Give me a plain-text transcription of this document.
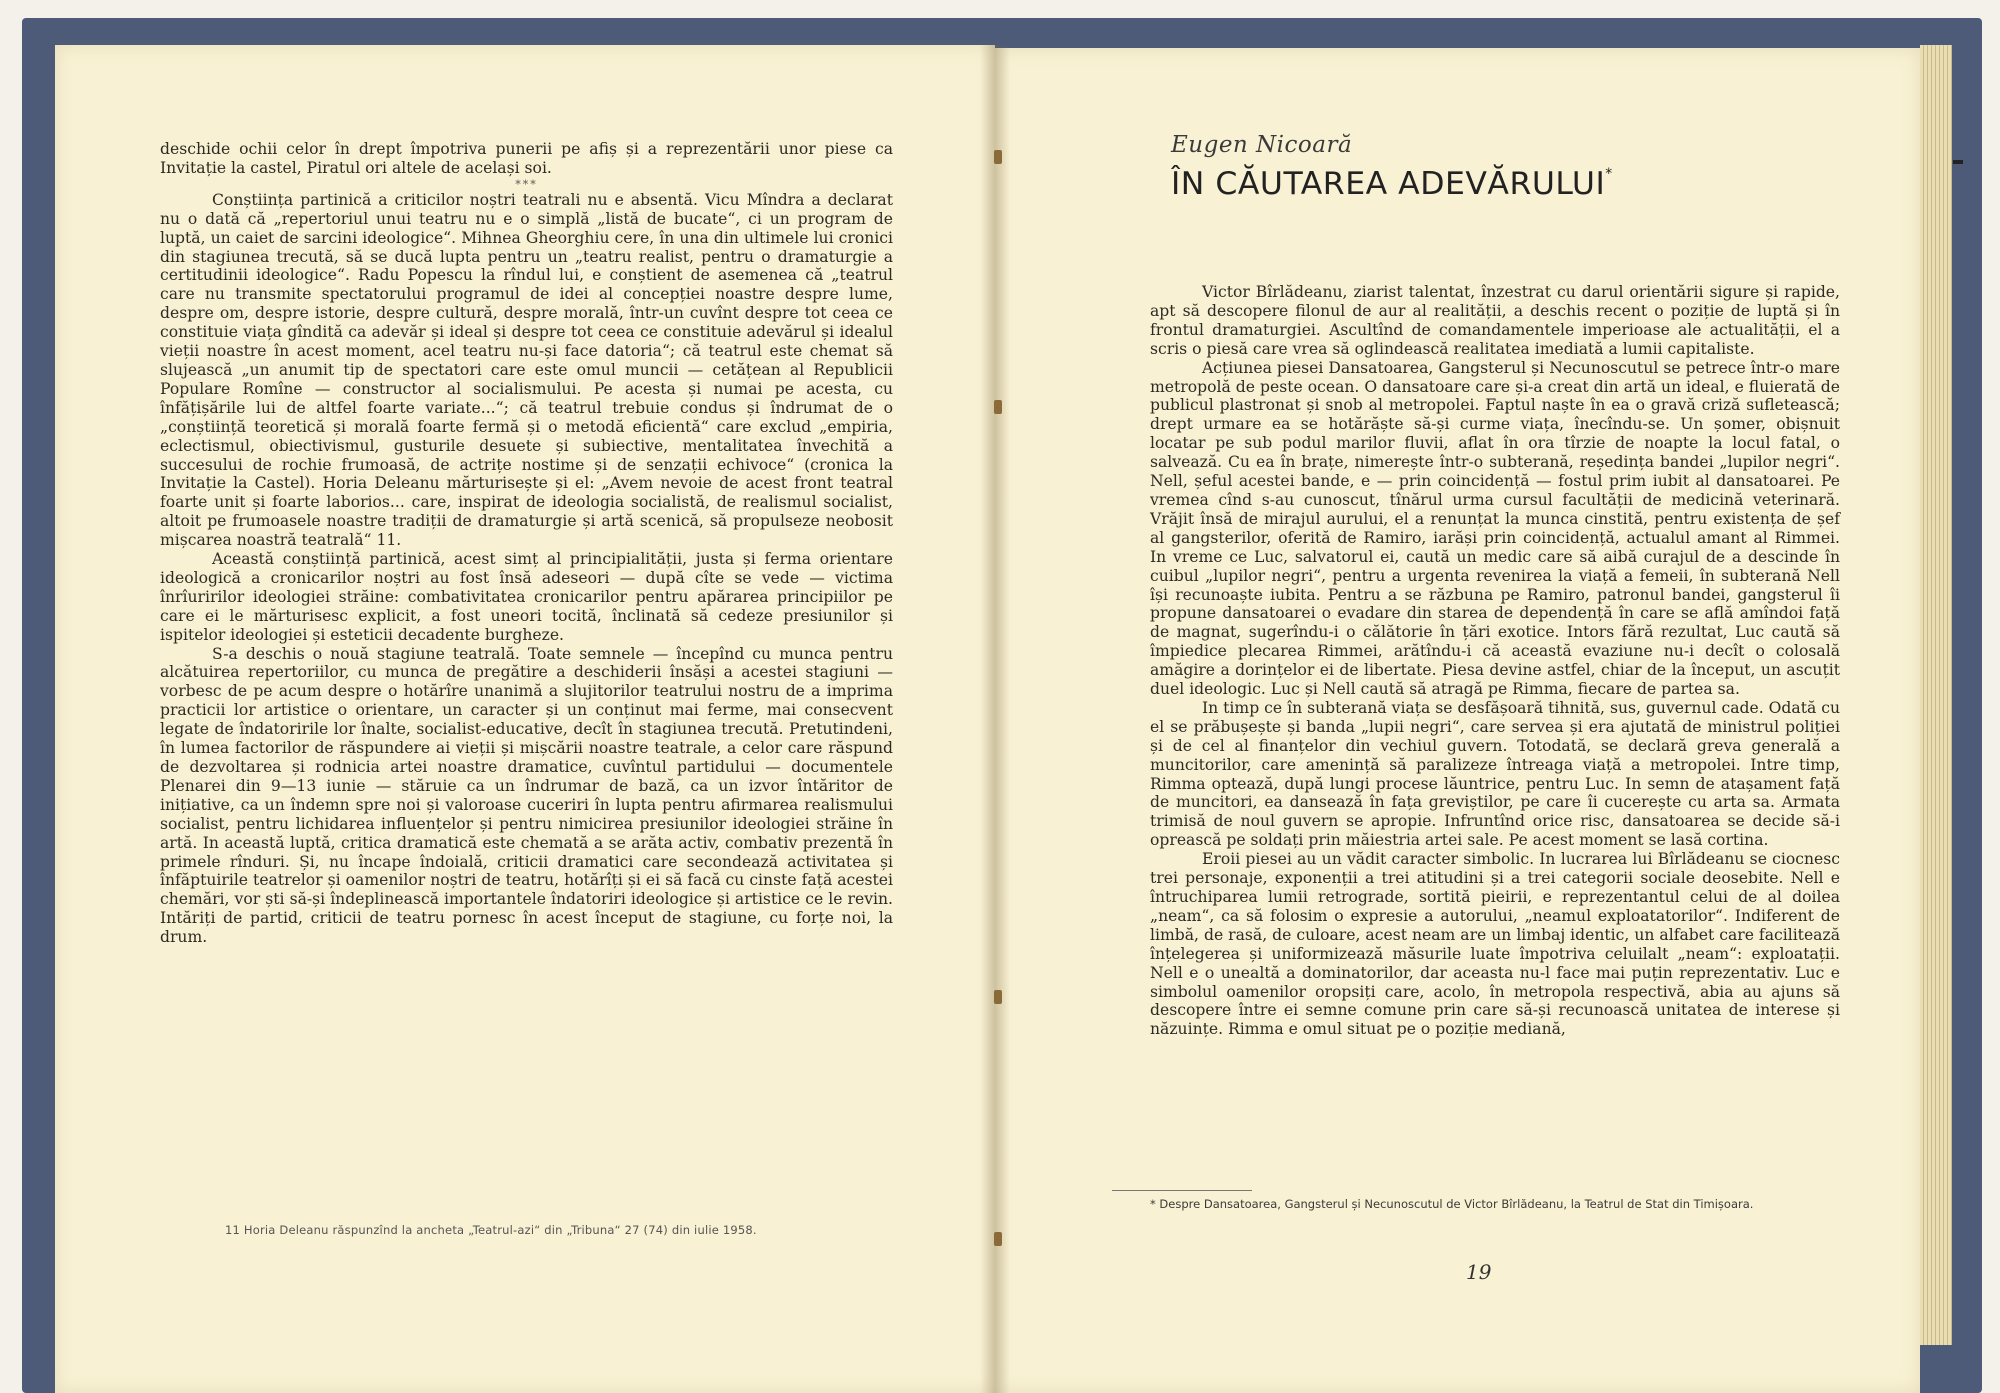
deschide ochii celor în drept împotriva punerii pe afiș și a reprezentării unor piese ca Invitație la castel, Piratul ori altele de același soi.

***

Conștiința partinică a criticilor noștri teatrali nu e absentă. Vicu Mîndra a declarat nu o dată că „repertoriul unui teatru nu e o simplă „listă de bucate“, ci un program de luptă, un caiet de sarcini ideologice“. Mihnea Gheorghiu cere, în una din ultimele lui cronici din stagiunea trecută, să se ducă lupta pentru un „teatru realist, pentru o dramaturgie a certitudinii ideologice“. Radu Popescu la rîndul lui, e conștient de asemenea că „teatrul care nu transmite spectatorului programul de idei al concepției noastre despre lume, despre om, despre istorie, despre cultură, despre morală, într-un cuvînt despre tot ceea ce constituie viața gîndită ca adevăr și ideal și despre tot ceea ce constituie adevărul și idealul vieții noastre în acest moment, acel teatru nu-și face datoria“; că teatrul este chemat să slujească „un anumit tip de spectatori care este omul muncii — cetățean al Republicii Populare Romîne — constructor al socialismului. Pe acesta și numai pe acesta, cu înfățișările lui de altfel foarte variate...“; că teatrul trebuie condus și îndrumat de o „conștiință teoretică și morală foarte fermă și o metodă eficientă“ care exclud „empiria, eclectismul, obiectivismul, gusturile desuete și subiective, mentalitatea învechită a succesului de rochie frumoasă, de actrițe nostime și de senzații echivoce“ (cronica la Invitație la Castel). Horia Deleanu mărturisește și el: „Avem nevoie de acest front teatral foarte unit și foarte laborios... care, inspirat de ideologia socialistă, de realismul socialist, altoit pe frumoasele noastre tradiții de dramaturgie și artă scenică, să propulseze neobosit mișcarea noastră teatrală“ 11.

Această conștiință partinică, acest simț al principialității, justa și ferma orientare ideologică a cronicarilor noștri au fost însă adeseori — după cîte se vede — victima înrîuririlor ideologiei străine: combativitatea cronicarilor pentru apărarea principiilor pe care ei le mărturisesc explicit, a fost uneori tocită, înclinată să cedeze presiunilor și ispitelor ideologiei și esteticii decadente burgheze.

S-a deschis o nouă stagiune teatrală. Toate semnele — începînd cu munca pentru alcătuirea repertoriilor, cu munca de pregătire a deschiderii însăși a acestei stagiuni — vorbesc de pe acum despre o hotărîre unanimă a slujitorilor teatrului nostru de a imprima practicii lor artistice o orientare, un caracter și un conținut mai ferme, mai consecvent legate de îndatoririle lor înalte, socialist-educative, decît în stagiunea trecută. Pretutindeni, în lumea factorilor de răspundere ai vieții și mișcării noastre teatrale, a celor care răspund de dezvoltarea și rodnicia artei noastre dramatice, cuvîntul partidului — documentele Plenarei din 9—13 iunie — stăruie ca un îndrumar de bază, ca un izvor întăritor de inițiative, ca un îndemn spre noi și valoroase cuceriri în lupta pentru afirmarea realismului socialist, pentru lichidarea influențelor și pentru nimicirea presiunilor ideologiei străine în artă. In această luptă, critica dramatică este chemată a se arăta activ, combativ prezentă în primele rînduri. Și, nu încape îndoială, criticii dramatici care secondează activitatea și înfăptuirile teatrelor și oamenilor noștri de teatru, hotărîți și ei să facă cu cinste față acestei chemări, vor ști să-și îndeplinească importantele îndatoriri ideologice și artistice ce le revin. Intăriți de partid, criticii de teatru pornesc în acest început de stagiune, cu forțe noi, la drum.

11 Horia Deleanu răspunzînd la ancheta „Teatrul-azi“ din „Tribuna“ 27 (74) din iulie 1958.
Eugen Nicoară
ÎN CĂUTAREA ADEVĂRULUI*

Victor Bîrlădeanu, ziarist talentat, înzestrat cu darul orientării sigure și rapide, apt să descopere filonul de aur al realității, a deschis recent o poziție de luptă și în frontul dramaturgiei. Ascultînd de comandamentele imperioase ale actualității, el a scris o piesă care vrea să oglindească realitatea imediată a lumii capitaliste.

Acțiunea piesei Dansatoarea, Gangsterul și Necunoscutul se petrece într-o mare metropolă de peste ocean. O dansatoare care și-a creat din artă un ideal, e fluierată de publicul plastronat și snob al metropolei. Faptul naște în ea o gravă criză sufletească; drept urmare ea se hotărăște să-și curme viața, înecîndu-se. Un șomer, obișnuit locatar pe sub podul marilor fluvii, aflat în ora tîrzie de noapte la locul fatal, o salvează. Cu ea în brațe, nimerește într-o subterană, reședința bandei „lupilor negri“. Nell, șeful acestei bande, e — prin coincidență — fostul prim iubit al dansatoarei. Pe vremea cînd s-au cunoscut, tînărul urma cursul facultății de medicină veterinară. Vrăjit însă de mirajul aurului, el a renunțat la munca cinstită, pentru existența de șef al gangsterilor, oferită de Ramiro, iarăși prin coincidență, actualul amant al Rimmei. In vreme ce Luc, salvatorul ei, caută un medic care să aibă curajul de a descinde în cuibul „lupilor negri“, pentru a urgenta revenirea la viață a femeii, în subterană Nell își recunoaște iubita. Pentru a se răzbuna pe Ramiro, patronul bandei, gangsterul îi propune dansatoarei o evadare din starea de dependență în care se află amîndoi față de magnat, sugerîndu-i o călătorie în țări exotice. Intors fără rezultat, Luc caută să împiedice plecarea Rimmei, arătîndu-i că această evaziune nu-i decît o colosală amăgire a dorințelor ei de libertate. Piesa devine astfel, chiar de la început, un ascuțit duel ideologic. Luc și Nell caută să atragă pe Rimma, fiecare de partea sa.

In timp ce în subterană viața se desfășoară tihnită, sus, guvernul cade. Odată cu el se prăbușește și banda „lupii negri“, care servea și era ajutată de ministrul poliției și de cel al finanțelor din vechiul guvern. Totodată, se declară greva generală a muncitorilor, care amenință să paralizeze întreaga viață a metropolei. Intre timp, Rimma optează, după lungi procese lăuntrice, pentru Luc. In semn de atașament față de muncitori, ea dansează în fața greviștilor, pe care îi cucerește cu arta sa. Armata trimisă de noul guvern se apropie. Infruntînd orice risc, dansatoarea se decide să-i oprească pe soldați prin măiestria artei sale. Pe acest moment se lasă cortina.

Eroii piesei au un vădit caracter simbolic. In lucrarea lui Bîrlădeanu se ciocnesc trei personaje, exponenții a trei atitudini și a trei categorii sociale deosebite. Nell e întruchiparea lumii retrograde, sortită pieirii, e reprezentantul celui de al doilea „neam“, ca să folosim o expresie a autorului, „neamul exploatatorilor“. Indiferent de limbă, de rasă, de culoare, acest neam are un limbaj identic, un alfabet care facilitează înțelegerea și uniformizează măsurile luate împotriva celuilalt „neam“: exploatații. Nell e o unealtă a dominatorilor, dar aceasta nu-l face mai puțin reprezentativ. Luc e simbolul oamenilor oropsiți care, acolo, în metropola respectivă, abia au ajuns să descopere între ei semne comune prin care să-și recunoască unitatea de interese și năzuințe. Rimma e omul situat pe o poziție mediană,

* Despre Dansatoarea, Gangsterul și Necunoscutul de Victor Bîrlădeanu, la Teatrul de Stat din Timișoara.
19
